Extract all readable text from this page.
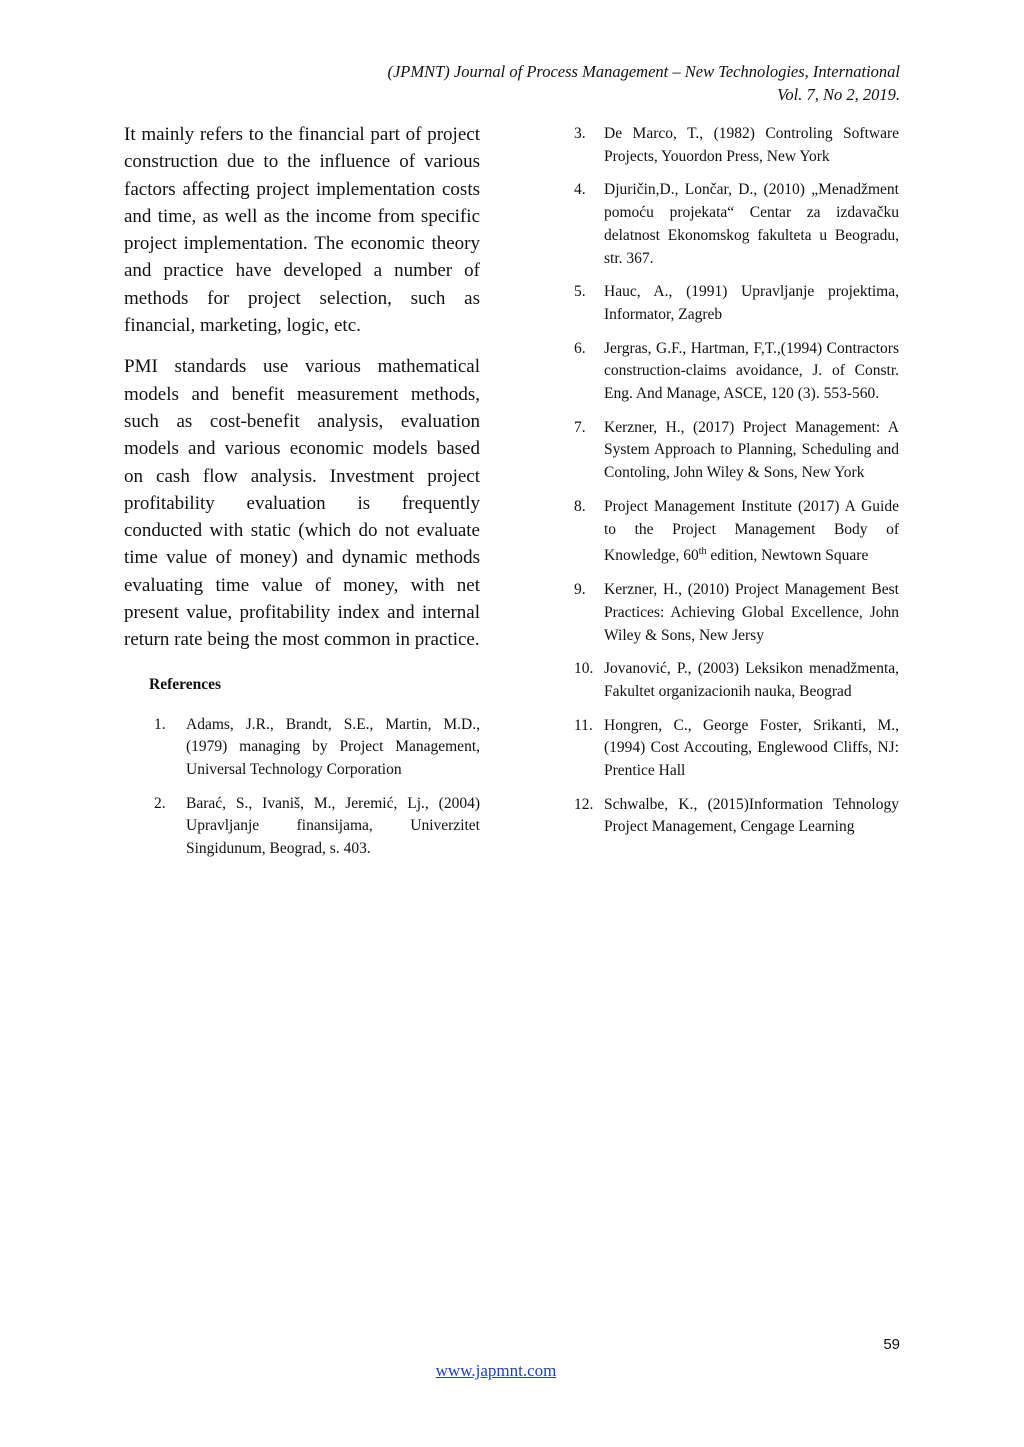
(JPMNT) Journal of Process Management – New Technologies, International
Vol. 7, No 2, 2019.

It mainly refers to the financial part of project construction due to the influence of various factors affecting project implementation costs and time, as well as the income from specific project implementation. The economic theory and practice have developed a number of methods for project selection, such as financial, marketing, logic, etc.

PMI standards use various mathematical models and benefit measurement methods, such as cost-benefit analysis, evaluation models and various economic models based on cash flow analysis. Investment project profitability evaluation is frequently conducted with static (which do not evaluate time value of money) and dynamic methods evaluating time value of money, with net present value, profitability index and internal return rate being the most common in practice.

References
1. Adams, J.R., Brandt, S.E., Martin, M.D., (1979) managing by Project Management, Universal Technology Corporation
2. Barać, S., Ivaniš, M., Jeremić, Lj., (2004) Upravljanje finansijama, Univerzitet Singidunum, Beograd, s. 403.
3. De Marco, T., (1982) Controling Software Projects, Youordon Press, New York
4. Djuričin,D., Lončar, D., (2010) „Menadžment pomoću projekata“ Centar za izdavačku delatnost Ekonomskog fakulteta u Beogradu, str. 367.
5. Hauc, A., (1991) Upravljanje projektima, Informator, Zagreb
6. Jergras, G.F., Hartman, F,T.,(1994) Contractors construction-claims avoidance, J. of Constr. Eng. And Manage, ASCE, 120 (3). 553-560.
7. Kerzner, H., (2017) Project Management: A System Approach to Planning, Scheduling and Contoling, John Wiley & Sons, New York
8. Project Management Institute (2017) A Guide to the Project Management Body of Knowledge, 60th edition, Newtown Square
9. Kerzner, H., (2010) Project Management Best Practices: Achieving Global Excellence, John Wiley & Sons, New Jersy
10. Jovanović, P., (2003) Leksikon menadžmenta, Fakultet organizacionih nauka, Beograd
11. Hongren, C., George Foster, Srikanti, M., (1994) Cost Accouting, Englewood Cliffs, NJ: Prentice Hall
12. Schwalbe, K., (2015)Information Tehnology Project Management, Cengage Learning
59
www.japmnt.com
